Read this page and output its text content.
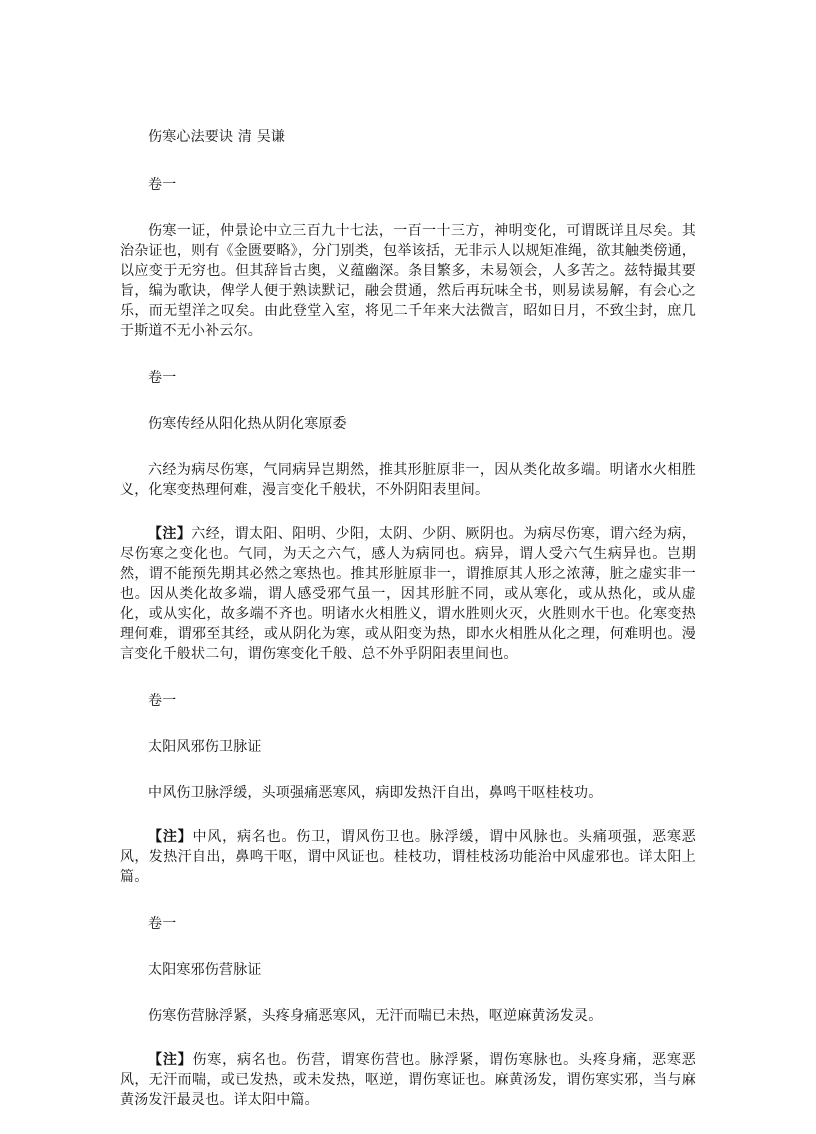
伤寒心法要诀 清 吴谦

卷一

伤寒一证，仲景论中立三百九十七法，一百一十三方，神明变化，可谓既详且尽矣。其治杂证也，则有《金匮要略》，分门别类，包举该括，无非示人以规矩准绳，欲其触类傍通，以应变于无穷也。但其辞旨古奥，义蕴幽深。条目繁多，未易领会，人多苦之。兹特撮其要旨，编为歌诀，俾学人便于熟读默记，融会贯通，然后再玩味全书，则易读易解，有会心之乐，而无望洋之叹矣。由此登堂入室，将见二千年来大法微言，昭如日月，不致尘封，庶几于斯道不无小补云尔。

卷一

伤寒传经从阳化热从阴化寒原委

六经为病尽伤寒，气同病异岂期然，推其形脏原非一，因从类化故多端。明诸水火相胜义，化寒变热理何难，漫言变化千般状，不外阴阳表里间。

【注】六经，谓太阳、阳明、少阳，太阴、少阴、厥阴也。为病尽伤寒，谓六经为病，尽伤寒之变化也。气同，为天之六气，感人为病同也。病异，谓人受六气生病异也。岂期然，谓不能预先期其必然之寒热也。推其形脏原非一，谓推原其人形之浓薄，脏之虚实非一也。因从类化故多端，谓人感受邪气虽一，因其形脏不同，或从寒化，或从热化，或从虚化，或从实化，故多端不齐也。明诸水火相胜义，谓水胜则火灭，火胜则水干也。化寒变热理何难，谓邪至其经，或从阴化为寒，或从阳变为热，即水火相胜从化之理，何难明也。漫言变化千般状二句，谓伤寒变化千般、总不外乎阴阳表里间也。

卷一

太阳风邪伤卫脉证

中风伤卫脉浮缓，头项强痛恶寒风，病即发热汗自出，鼻鸣干呕桂枝功。

【注】中风，病名也。伤卫，谓风伤卫也。脉浮缓，谓中风脉也。头痛项强，恶寒恶风，发热汗自出，鼻鸣干呕，谓中风证也。桂枝功，谓桂枝汤功能治中风虚邪也。详太阳上篇。

卷一

太阳寒邪伤营脉证

伤寒伤营脉浮紧，头疼身痛恶寒风，无汗而喘已未热，呕逆麻黄汤发灵。

【注】伤寒，病名也。伤营，谓寒伤营也。脉浮紧，谓伤寒脉也。头疼身痛，恶寒恶风，无汗而喘，或已发热，或未发热，呕逆，谓伤寒证也。麻黄汤发，谓伤寒实邪，当与麻黄汤发汗最灵也。详太阳中篇。
